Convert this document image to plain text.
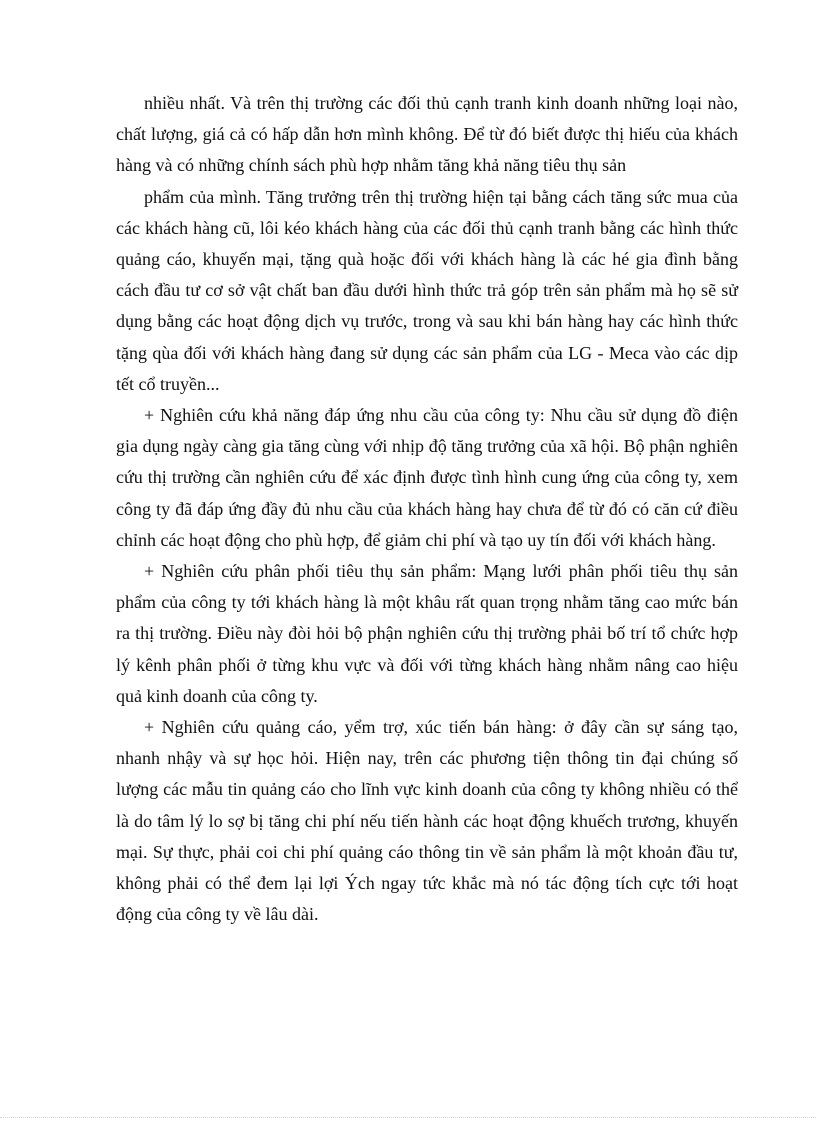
nhiều nhất. Và trên thị trường các đối thủ cạnh tranh kinh doanh những loại nào, chất lượng, giá cả có hấp dẫn hơn mình không. Để từ đó biết được thị hiếu của khách hàng và có những chính sách phù hợp nhằm tăng khả năng tiêu thụ sản

phẩm của mình. Tăng trưởng trên thị trường hiện tại bằng cách tăng sức mua của các khách hàng cũ, lôi kéo khách hàng của các đối thủ cạnh tranh bằng các hình thức quảng cáo, khuyến mại, tặng quà hoặc đối với khách hàng là các hé gia đình bằng cách đầu tư cơ sở vật chất ban đầu dưới hình thức trả góp trên sản phẩm mà họ sẽ sử dụng bằng các hoạt động dịch vụ trước, trong và sau khi bán hàng hay các hình thức tặng qùa đối với khách hàng đang sử dụng các sản phẩm của LG - Meca vào các dịp tết cổ truyền...

+ Nghiên cứu khả năng đáp ứng nhu cầu của công ty: Nhu cầu sử dụng đồ điện gia dụng ngày càng gia tăng cùng với nhịp độ tăng trưởng của xã hội. Bộ phận nghiên cứu thị trường cần nghiên cứu để xác định được tình hình cung ứng của công ty, xem công ty đã đáp ứng đầy đủ nhu cầu của khách hàng hay chưa để từ đó có căn cứ điều chỉnh các hoạt động cho phù hợp, để giảm chi phí và tạo uy tín đối với khách hàng.

+ Nghiên cứu phân phối tiêu thụ sản phẩm: Mạng lưới phân phối tiêu thụ sản phẩm của công ty tới khách hàng là một khâu rất quan trọng nhằm tăng cao mức bán ra thị trường. Điều này đòi hỏi bộ phận nghiên cứu thị trường phải bố trí tổ chức hợp lý kênh phân phối ở từng khu vực và đối với từng khách hàng nhằm nâng cao hiệu quả kinh doanh của công ty.

+ Nghiên cứu quảng cáo, yểm trợ, xúc tiến bán hàng: ở đây cần sự sáng tạo, nhanh nhậy và sự học hỏi. Hiện nay, trên các phương tiện thông tin đại chúng số lượng các mẫu tin quảng cáo cho lĩnh vực kinh doanh của công ty không nhiều có thể là do tâm lý lo sợ bị tăng chi phí nếu tiến hành các hoạt động khuếch trương, khuyến mại. Sự thực, phải coi chi phí quảng cáo thông tin về sản phẩm là một khoản đầu tư, không phải có thể đem lại lợi Ých ngay tức khắc mà nó tác động tích cực tới hoạt động của công ty về lâu dài.
